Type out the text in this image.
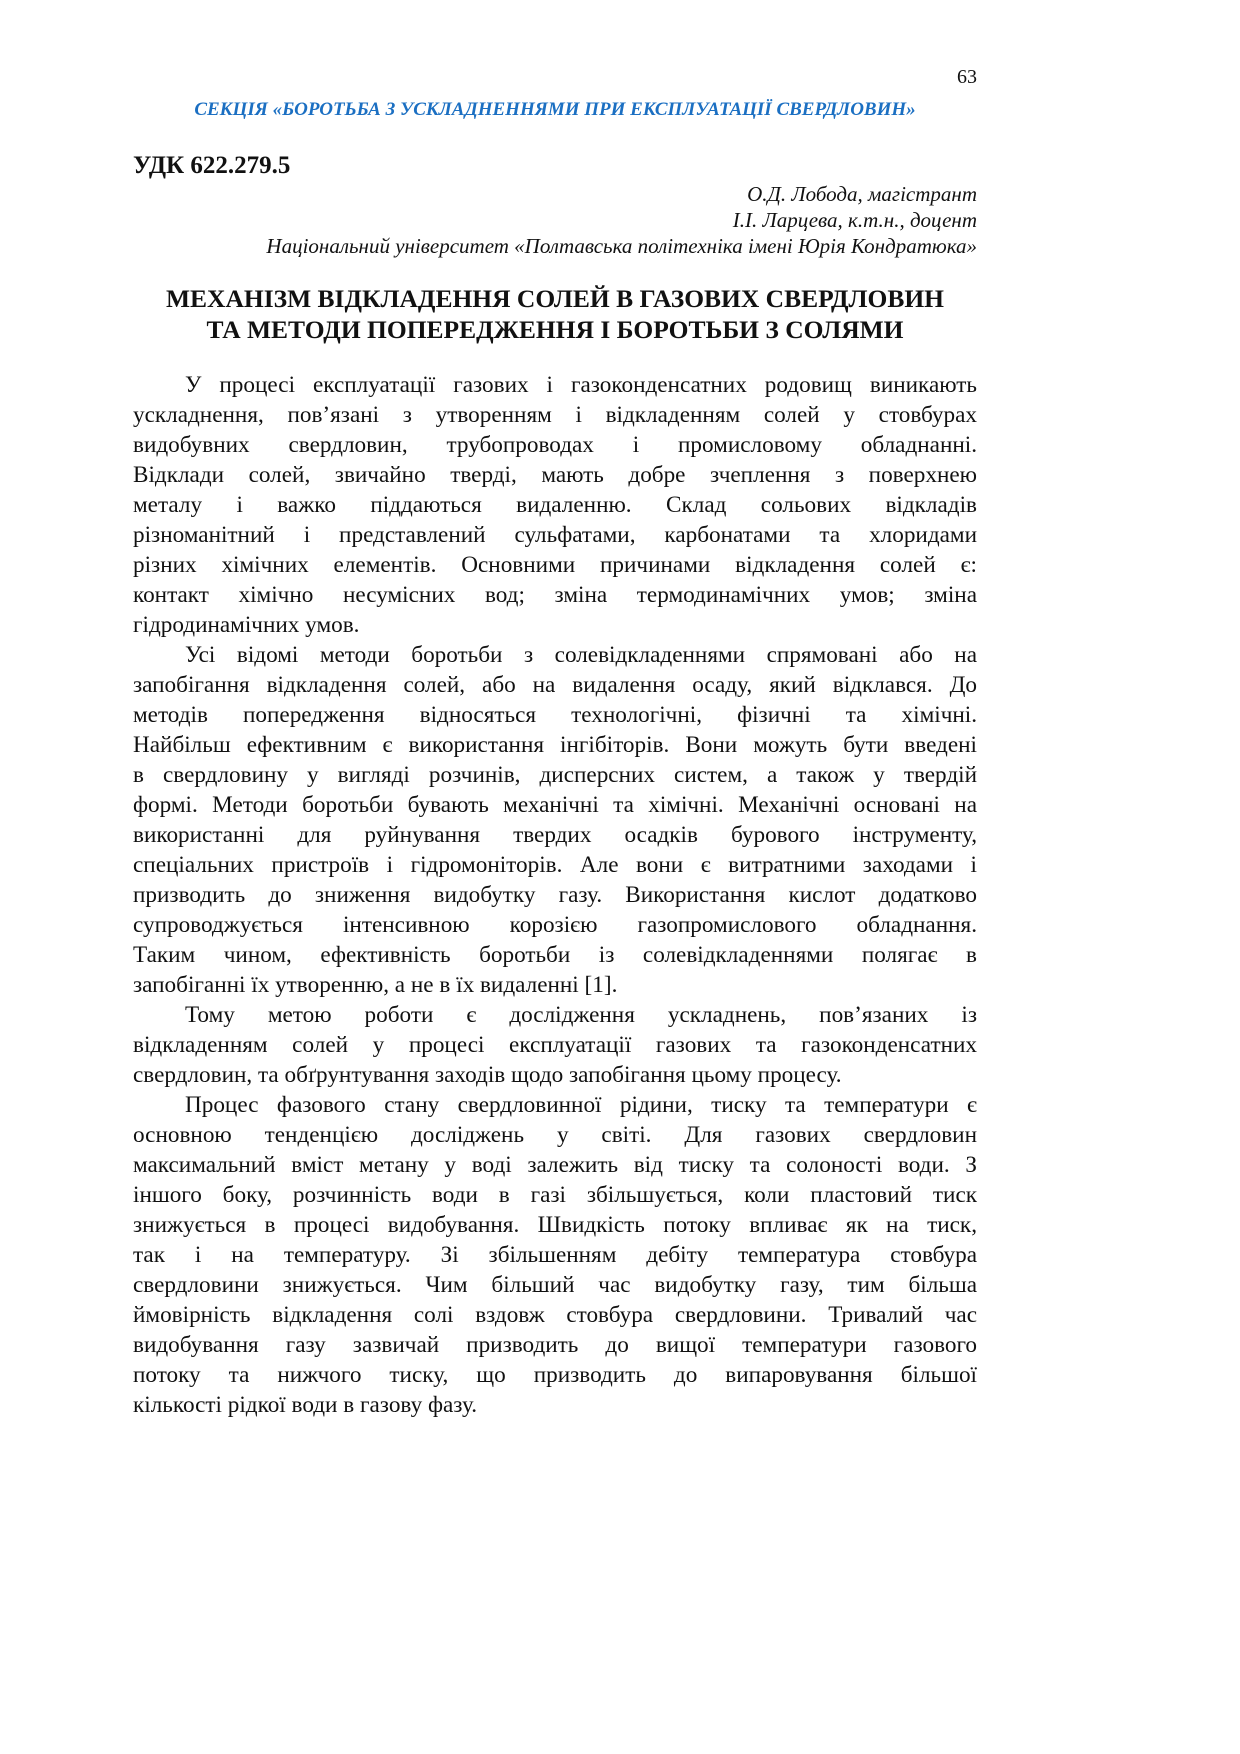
63
СЕКЦІЯ «БОРОТЬБА З УСКЛАДНЕННЯМИ ПРИ ЕКСПЛУАТАЦІЇ СВЕРДЛОВИН»
УДК 622.279.5
О.Д. Лобода, магістрант
І.І. Ларцева, к.т.н., доцент
Національний університет «Полтавська політехніка імені Юрія Кондратюка»
МЕХАНІЗМ ВІДКЛАДЕННЯ СОЛЕЙ В ГАЗОВИХ СВЕРДЛОВИН
ТА МЕТОДИ ПОПЕРЕДЖЕННЯ І БОРОТЬБИ З СОЛЯМИ
У процесі експлуатації газових і газоконденсатних родовищ виникають
ускладнення, пов’язані з утворенням і відкладенням солей у стовбурах
видобувних свердловин, трубопроводах і промисловому обладнанні.
Відклади солей, звичайно тверді, мають добре зчеплення з поверхнею
металу і важко піддаються видаленню. Склад сольових відкладів
різноманітний і представлений сульфатами, карбонатами та хлоридами
різних хімічних елементів. Основними причинами відкладення солей є:
контакт хімічно несумісних вод; зміна термодинамічних умов; зміна
гідродинамічних умов.
Усі відомі методи боротьби з солевідкладеннями спрямовані або на
запобігання відкладення солей, або на видалення осаду, який відклався. До
методів попередження відносяться технологічні, фізичні та хімічні.
Найбільш ефективним є використання інгібіторів. Вони можуть бути введені
в свердловину у вигляді розчинів, дисперсних систем, а також у твердій
формі. Методи боротьби бувають механічні та хімічні. Механічні основані на
використанні для руйнування твердих осадків бурового інструменту,
спеціальних пристроїв і гідромоніторів. Але вони є витратними заходами і
призводить до зниження видобутку газу. Використання кислот додатково
супроводжується інтенсивною корозією газопромислового обладнання.
Таким чином, ефективність боротьби із солевідкладеннями полягає в
запобіганні їх утворенню, а не в їх видаленні [1].
Тому метою роботи є дослідження ускладнень, пов’язаних із
відкладенням солей у процесі експлуатації газових та газоконденсатних
свердловин, та обґрунтування заходів щодо запобігання цьому процесу.
Процес фазового стану свердловинної рідини, тиску та температури є
основною тенденцією досліджень у світі. Для газових свердловин
максимальний вміст метану у воді залежить від тиску та солоності води. З
іншого боку, розчинність води в газі збільшується, коли пластовий тиск
знижується в процесі видобування. Швидкість потоку впливає як на тиск,
так і на температуру. Зі збільшенням дебіту температура стовбура
свердловини знижується. Чим більший час видобутку газу, тим більша
ймовірність відкладення солі вздовж стовбура свердловини. Тривалий час
видобування газу зазвичай призводить до вищої температури газового
потоку та нижчого тиску, що призводить до випаровування більшої
кількості рідкої води в газову фазу.
